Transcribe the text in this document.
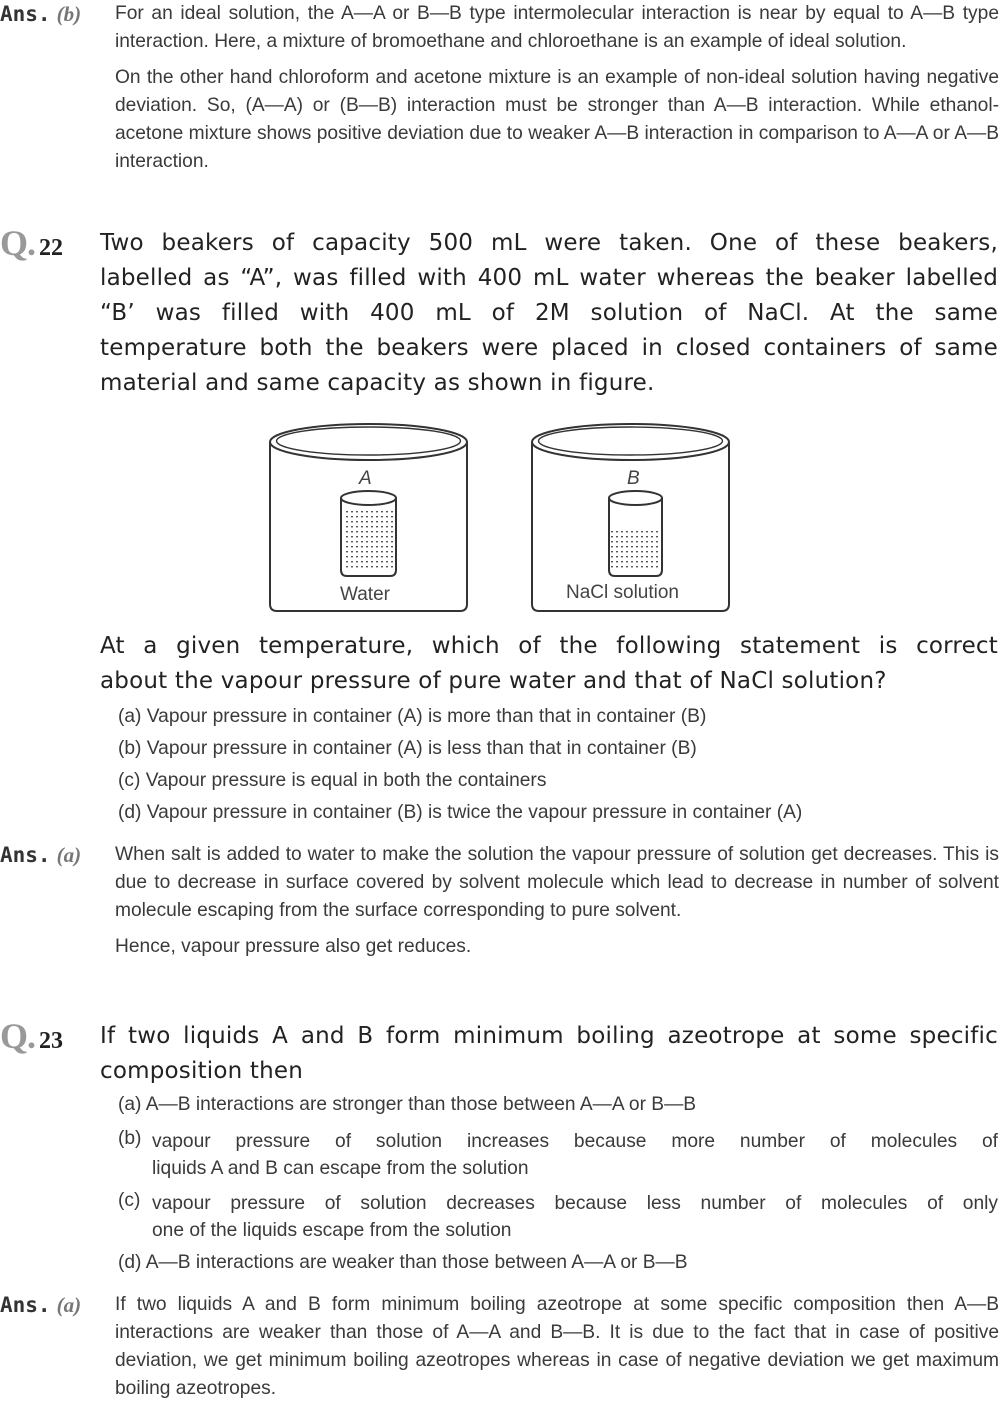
Ans. (b) For an ideal solution, the A—A or B—B type intermolecular interaction is near by equal to A—B type interaction. Here, a mixture of bromoethane and chloroethane is an example of ideal solution.

On the other hand chloroform and acetone mixture is an example of non-ideal solution having negative deviation. So, (A—A) or (B—B) interaction must be stronger than A—B interaction. While ethanol-acetone mixture shows positive deviation due to weaker A—B interaction in comparison to A—A or A—B interaction.

Q. 22 Two beakers of capacity 500 mL were taken. One of these beakers,
labelled as “A”, was filled with 400 mL water whereas the beaker labelled
“B’ was filled with 400 mL of 2M solution of NaCl. At the same
temperature both the beakers were placed in closed containers of same
material and same capacity as shown in figure.
A
Water
B
NaCl solution
At a given temperature, which of the following statement is correct
about the vapour pressure of pure water and that of NaCl solution?
(a) Vapour pressure in container (A) is more than that in container (B)
(b) Vapour pressure in container (A) is less than that in container (B)
(c) Vapour pressure is equal in both the containers
(d) Vapour pressure in container (B) is twice the vapour pressure in container (A)
Ans. (a) When salt is added to water to make the solution the vapour pressure of solution get decreases. This is due to decrease in surface covered by solvent molecule which lead to decrease in number of solvent molecule escaping from the surface corresponding to pure solvent.

Hence, vapour pressure also get reduces.

Q. 23 If two liquids A and B form minimum boiling azeotrope at some specific
composition then
(a) A—B interactions are stronger than those between A—A or B—B
(b) vapour pressure of solution increases because more number of molecules of
liquids A and B can escape from the solution
(c) vapour pressure of solution decreases because less number of molecules of only
one of the liquids escape from the solution
(d) A—B interactions are weaker than those between A—A or B—B
Ans. (a) If two liquids A and B form minimum boiling azeotrope at some specific composition then A—B interactions are weaker than those of A—A and B—B. It is due to the fact that in case of positive deviation, we get minimum boiling azeotropes whereas in case of negative deviation we get maximum boiling azeotropes.
